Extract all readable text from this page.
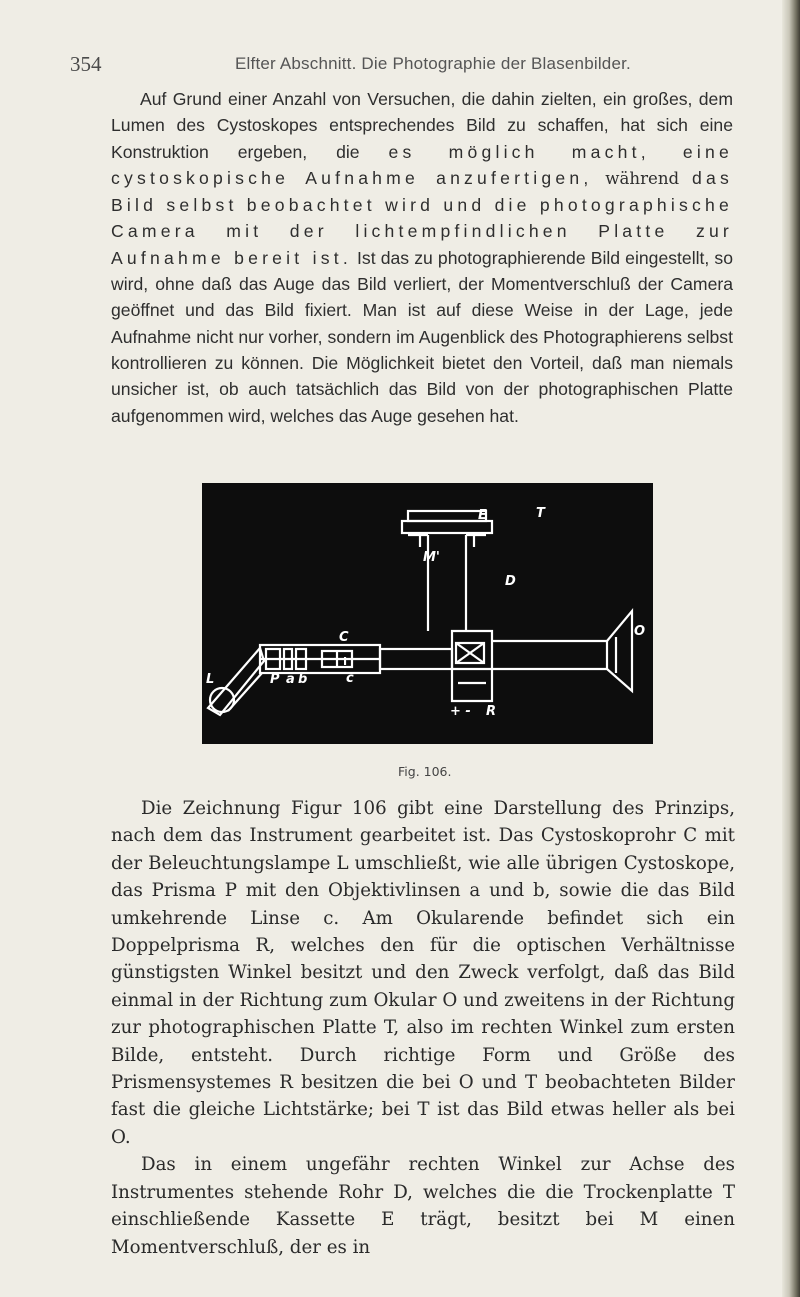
354	Elfter Abschnitt. Die Photographie der Blasenbilder.

Auf Grund einer Anzahl von Versuchen, die dahin zielten, ein großes, dem Lumen des Cystoskopes entsprechendes Bild zu schaffen, hat sich eine Konstruktion ergeben, die es möglich macht, eine cystoskopische Aufnahme anzufertigen, während das Bild selbst beobachtet wird und die photographische Camera mit der lichtempfindlichen Platte zur Aufnahme bereit ist. Ist das zu photographierende Bild eingestellt, so wird, ohne daß das Auge das Bild verliert, der Momentverschluß der Camera geöffnet und das Bild fixiert. Man ist auf diese Weise in der Lage, jede Aufnahme nicht nur vorher, sondern im Augenblick des Photographierens selbst kontrollieren zu können. Die Möglichkeit bietet den Vorteil, daß man niemals unsicher ist, ob auch tatsächlich das Bild von der photographischen Platte aufgenommen wird, welches das Auge gesehen hat.

E
M'
T
D
O
C
L	P a b	c
R
+ -
I
Fig. 106.

Die Zeichnung Figur 106 gibt eine Darstellung des Prinzips, nach dem das Instrument gearbeitet ist. Das Cystoskoprohr C mit der Beleuchtungslampe L umschließt, wie alle übrigen Cystoskope, das Prisma P mit den Objektivlinsen a und b, sowie die das Bild umkehrende Linse c. Am Okularende befindet sich ein Doppelprisma R, welches den für die optischen Verhältnisse günstigsten Winkel besitzt und den Zweck verfolgt, daß das Bild einmal in der Richtung zum Okular O und zweitens in der Richtung zur photographischen Platte T, also im rechten Winkel zum ersten Bilde, entsteht. Durch richtige Form und Größe des Prismensystemes R besitzen die bei O und T beobachteten Bilder fast die gleiche Lichtstärke; bei T ist das Bild etwas heller als bei O.
Das in einem ungefähr rechten Winkel zur Achse des Instrumentes stehende Rohr D, welches die die Trockenplatte T einschließende Kassette E trägt, besitzt bei M einen Momentverschluß, der es in
